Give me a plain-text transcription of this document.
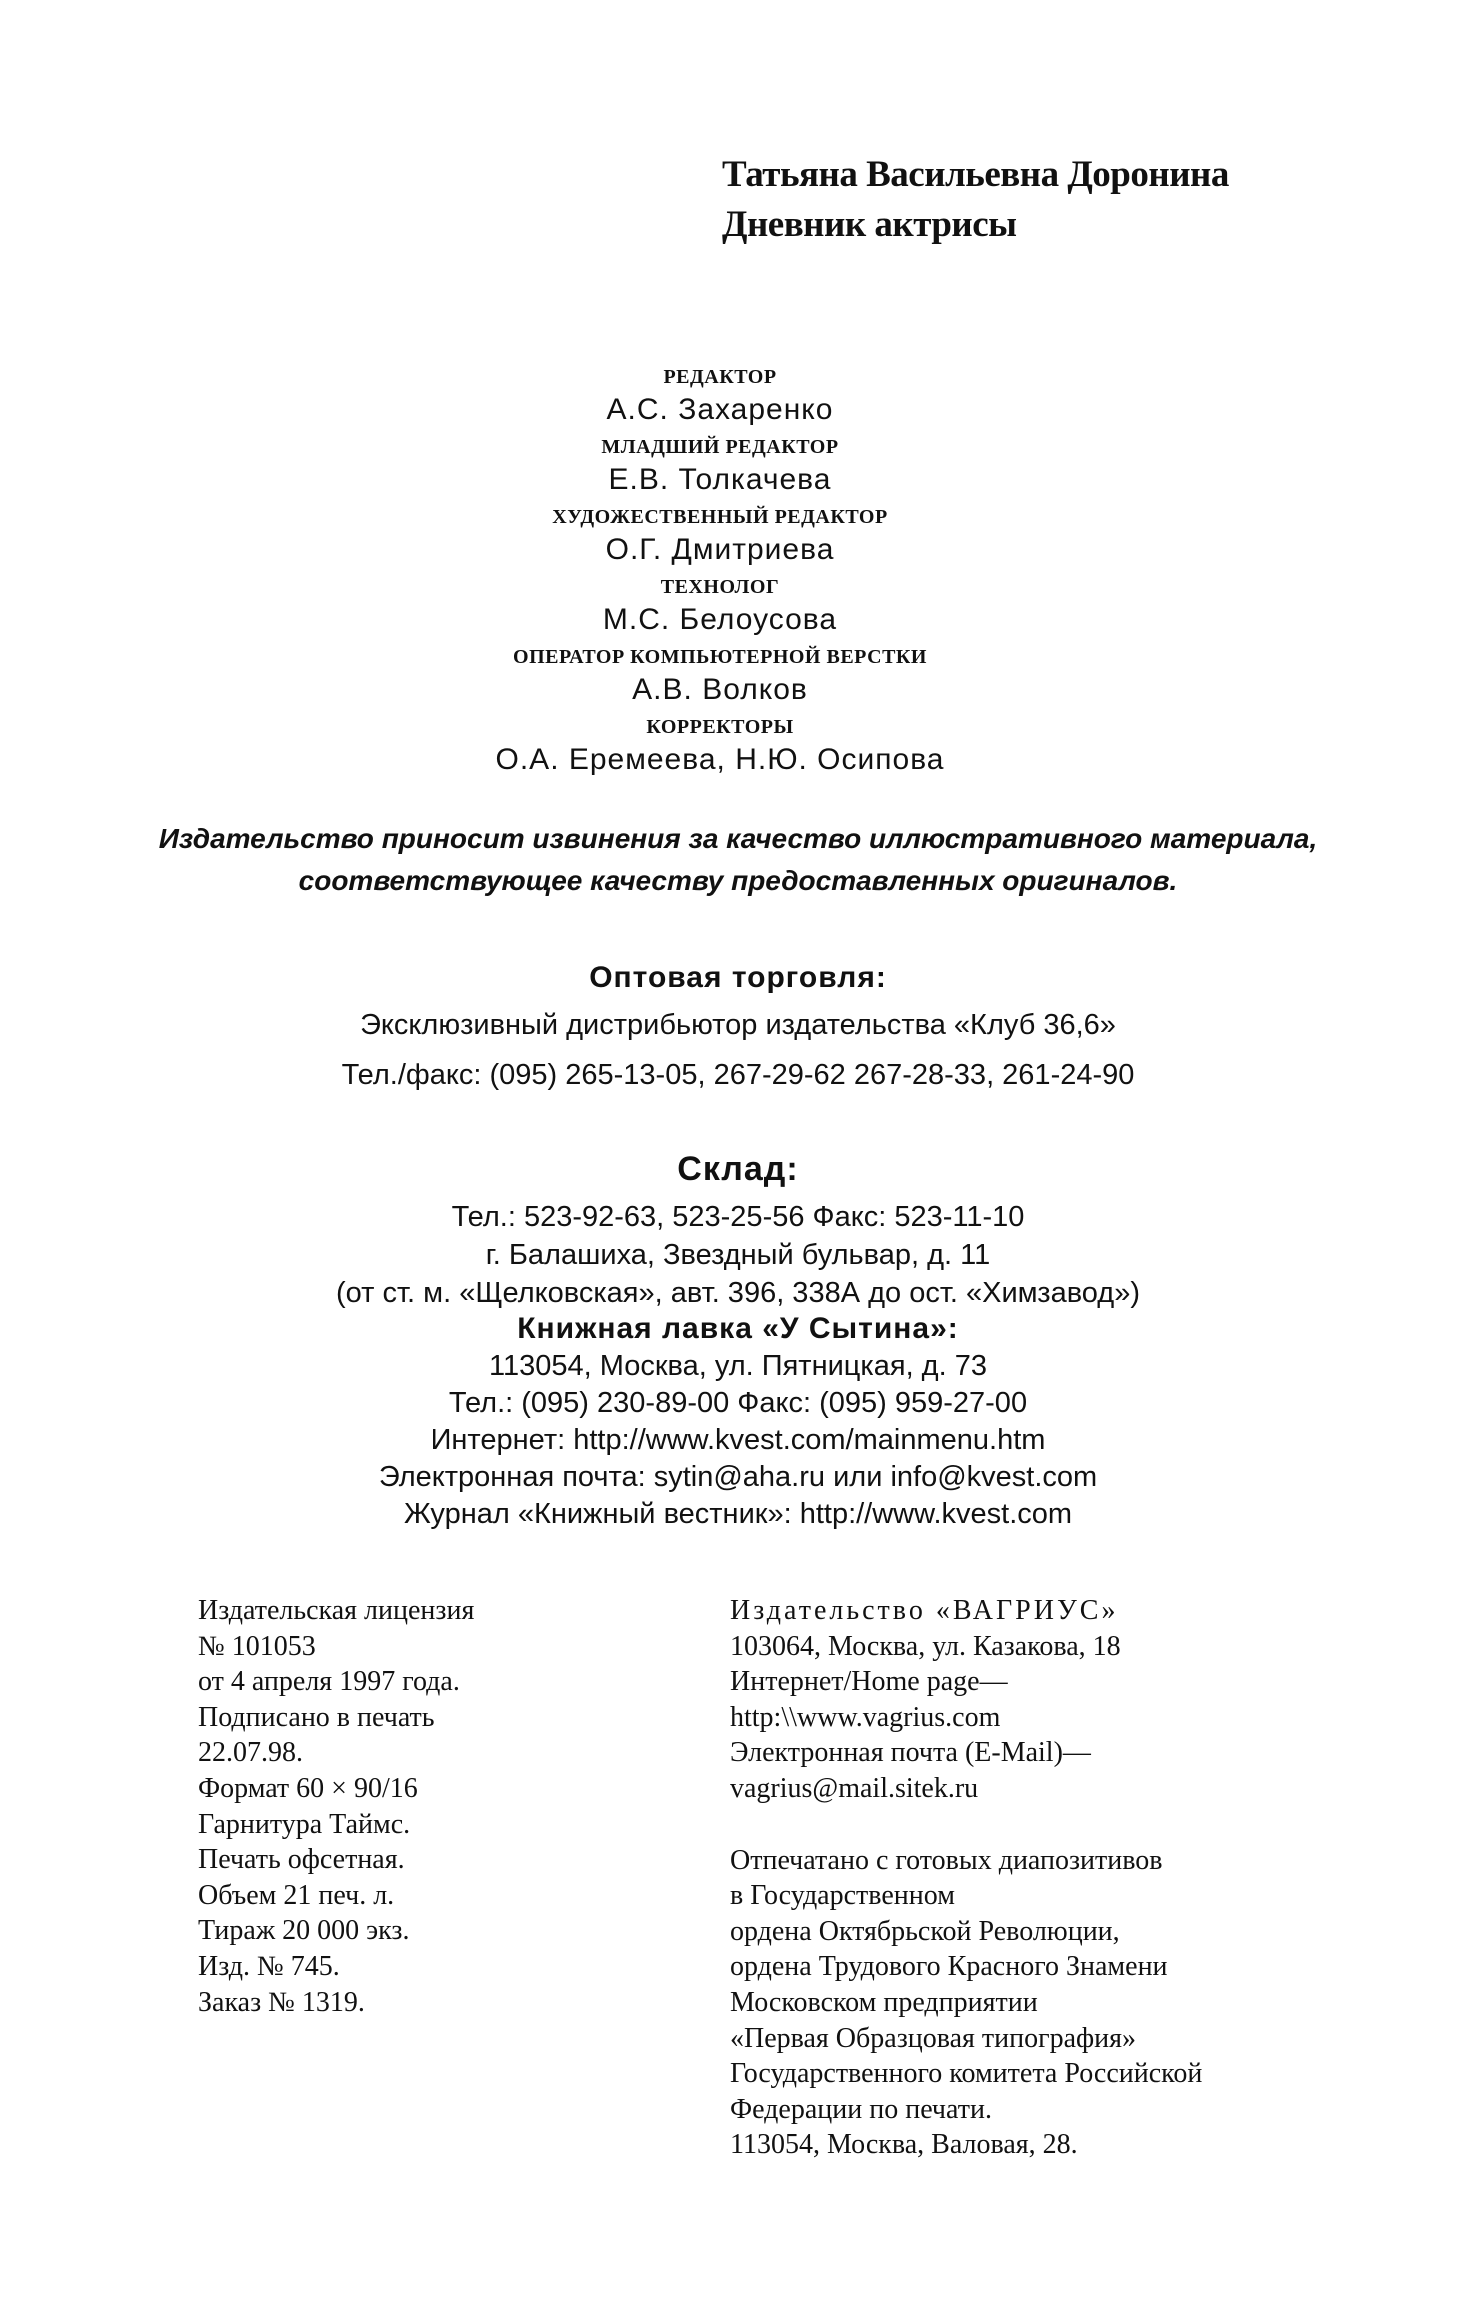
Татьяна Васильевна Доронина
Дневник актрисы
РЕДАКТОР
А.С. Захаренко
МЛАДШИЙ РЕДАКТОР
Е.В. Толкачева
ХУДОЖЕСТВЕННЫЙ РЕДАКТОР
О.Г. Дмитриева
ТЕХНОЛОГ
М.С. Белоусова
ОПЕРАТОР КОМПЬЮТЕРНОЙ ВЕРСТКИ
А.В. Волков
КОРРЕКТОРЫ
О.А. Еремеева, Н.Ю. Осипова
Издательство приносит извинения за качество иллюстративного материала,
соответствующее качеству предоставленных оригиналов.
Оптовая торговля:
Эксклюзивный дистрибьютор издательства «Клуб 36,6»
Тел./факс: (095) 265-13-05, 267-29-62 267-28-33, 261-24-90
Склад:
Тел.: 523-92-63, 523-25-56 Факс: 523-11-10
г. Балашиха, Звездный бульвар, д. 11
(от ст. м. «Щелковская», авт. 396, 338А до ост. «Химзавод»)
Книжная лавка «У Сытина»:
113054, Москва, ул. Пятницкая, д. 73
Тел.: (095) 230-89-00 Факс: (095) 959-27-00
Интернет: http://www.kvest.com/mainmenu.htm
Электронная почта: sytin@aha.ru или info@kvest.com
Журнал «Книжный вестник»: http://www.kvest.com
Издательская лицензия
№ 101053
от 4 апреля 1997 года.
Подписано в печать
22.07.98.
Формат 60 × 90/16
Гарнитура Таймс.
Печать офсетная.
Объем 21 печ. л.
Тираж 20 000 экз.
Изд. № 745.
Заказ № 1319.
Издательство «ВАГРИУС»
103064, Москва, ул. Казакова, 18
Интернет/Home page—
http:\\www.vagrius.com
Электронная почта (E-Mail)—
vagrius@mail.sitek.ru
Отпечатано с готовых диапозитивов
в Государственном
ордена Октябрьской Революции,
ордена Трудового Красного Знамени
Московском предприятии
«Первая Образцовая типография»
Государственного комитета Российской
Федерации по печати.
113054, Москва, Валовая, 28.
